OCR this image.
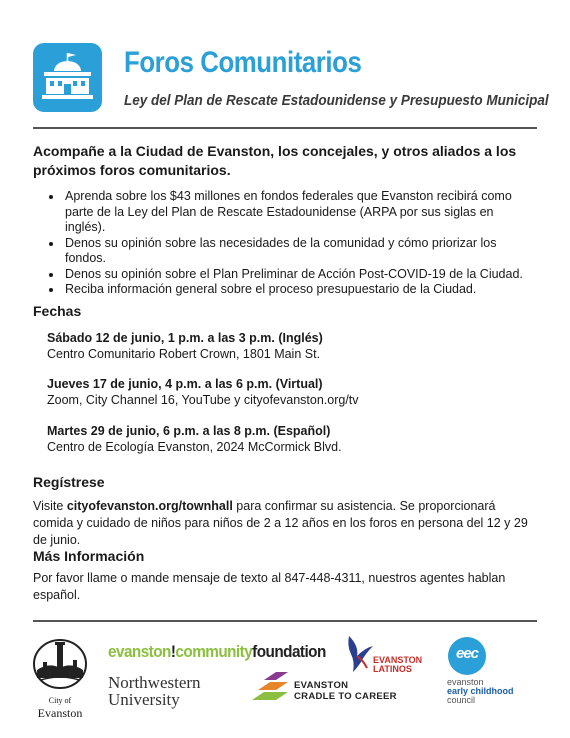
Foros Comunitarios

Ley del Plan de Rescate Estadounidense y Presupuesto Municipal

Acompañe a la Ciudad de Evanston, los concejales, y otros aliados a los próximos foros comunitarios.

• Aprenda sobre los $43 millones en fondos federales que Evanston recibirá como parte de la Ley del Plan de Rescate Estadounidense (ARPA por sus siglas en inglés).
• Denos su opinión sobre las necesidades de la comunidad y cómo priorizar los fondos.
• Denos su opinión sobre el Plan Preliminar de Acción Post-COVID-19 de la Ciudad.
• Reciba información general sobre el proceso presupuestario de la Ciudad.
Fechas
Sábado 12 de junio, 1 p.m. a las 3 p.m. (Inglés)
Centro Comunitario Robert Crown, 1801 Main St.
Jueves 17 de junio, 4 p.m. a las 6 p.m. (Virtual)
Zoom, City Channel 16, YouTube y cityofevanston.org/tv
Martes 29 de junio, 6 p.m. a las 8 p.m. (Español)
Centro de Ecología Evanston, 2024 McCormick Blvd.
Regístrese

Visite cityofevanston.org/townhall para confirmar su asistencia. Se proporcionará comida y cuidado de niños para niños de 2 a 12 años en los foros en persona del 12 y 29 de junio.

Más Información

Por favor llame o mande mensaje de texto al 847-448-4311, nuestros agentes hablan español.

City of
Evanston
evanston!communityfoundation
Northwestern
University
EVANSTON
LATINOS
EVANSTON
CRADLE TO CAREER
eec
evanston
early childhood
council
